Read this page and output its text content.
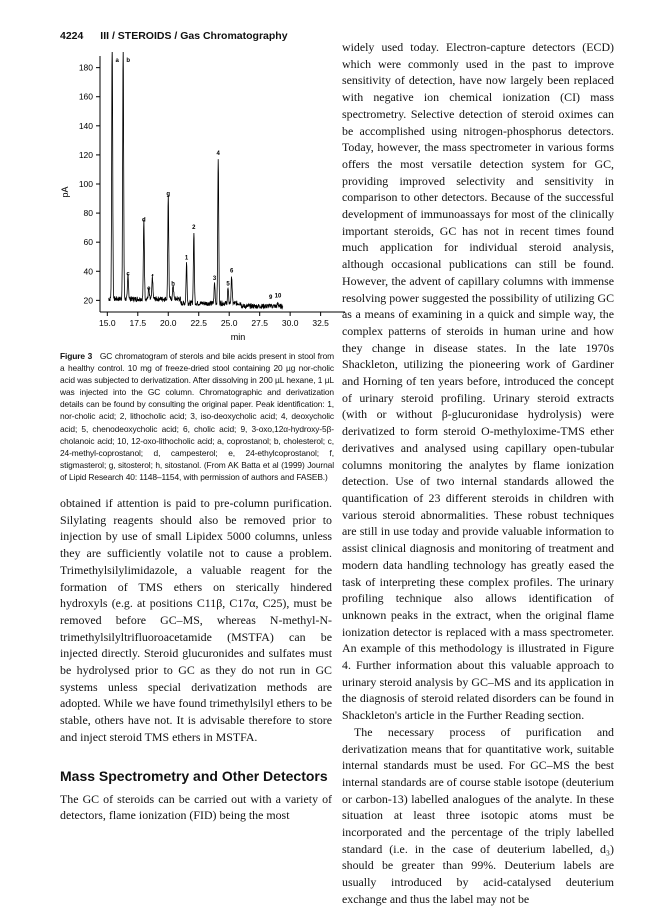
4224 III / STEROIDS / Gas Chromatography
20
40
60
80
100
120
140
160
180
15.0 17.5 20.0 22.5 25.0 27.5 30.0 32.5
a b
c
d
e
f
g
h
1
2
3
4
5
6
9 10
min
pA
Figure 3 GC chromatogram of sterols and bile acids present in stool from a healthy control. 10 mg of freeze-dried stool containing 20 µg nor-cholic acid was subjected to derivatization. After dissolving in 200 µL hexane, 1 µL was injected into the GC column. Chromatographic and derivatization details can be found by consulting the original paper. Peak identification: 1, nor-cholic acid; 2, lithocholic acid; 3, iso-deoxycholic acid; 4, deoxycholic acid; 5, chenodeoxycholic acid; 6, cholic acid; 9, 3-oxo,12α-hydroxy-5β-cholanoic acid; 10, 12-oxo-lithocholic acid; a, coprostanol; b, cholesterol; c, 24-methyl-coprostanol; d, campesterol; e, 24-ethylcoprostanol; f, stigmasterol; g, sitosterol; h, sitostanol. (From AK Batta et al (1999) Journal of Lipid Research 40: 1148–1154, with permission of authors and FASEB.)

obtained if attention is paid to pre-column purification. Silylating reagents should also be removed prior to injection by use of small Lipidex 5000 columns, unless they are sufficiently volatile not to cause a problem. Trimethylsilylimidazole, a valuable reagent for the formation of TMS ethers on sterically hindered hydroxyls (e.g. at positions C11β, C17α, C25), must be removed before GC–MS, whereas N-methyl-N-trimethylsilyltrifluoroacetamide (MSTFA) can be injected directly. Steroid glucuronides and sulfates must be hydrolysed prior to GC as they do not run in GC systems unless special derivatization methods are adopted. While we have found trimethylsilyl ethers to be stable, others have not. It is advisable therefore to store and inject steroid TMS ethers in MSTFA.

Mass Spectrometry and Other Detectors

The GC of steroids can be carried out with a variety of detectors, flame ionization (FID) being the most

widely used today. Electron-capture detectors (ECD) which were commonly used in the past to improve sensitivity of detection, have now largely been replaced with negative ion chemical ionization (CI) mass spectrometry. Selective detection of steroid oximes can be accomplished using nitrogen-phosphorus detectors. Today, however, the mass spectrometer in various forms offers the most versatile detection system for GC, providing improved selectivity and sensitivity in comparison to other detectors. Because of the successful development of immunoassays for most of the clinically important steroids, GC has not in recent times found much application for individual steroid analysis, although occasional publications can still be found. However, the advent of capillary columns with immense resolving power suggested the possibility of utilizing GC as a means of examining in a quick and simple way, the complex patterns of steroids in human urine and how they change in disease states. In the late 1970s Shackleton, utilizing the pioneering work of Gardiner and Horning of ten years before, introduced the concept of urinary steroid profiling. Urinary steroid extracts (with or without β-glucuronidase hydrolysis) were derivatized to form steroid O-methyloxime-TMS ether derivatives and analysed using capillary open-tubular columns monitoring the analytes by flame ionization detection. Use of two internal standards allowed the quantification of 23 different steroids in children with various steroid abnormalities. These robust techniques are still in use today and provide valuable information to assist clinical diagnosis and monitoring of treatment and modern data handling technology has greatly eased the task of interpreting these complex profiles. The urinary profiling technique also allows identification of unknown peaks in the extract, when the original flame ionization detector is replaced with a mass spectrometer. An example of this methodology is illustrated in Figure 4. Further information about this valuable approach to urinary steroid analysis by GC–MS and its application in the diagnosis of steroid related disorders can be found in Shackleton's article in the Further Reading section.

The necessary process of purification and derivatization means that for quantitative work, suitable internal standards must be used. For GC–MS the best internal standards are of course stable isotope (deuterium or carbon-13) labelled analogues of the analyte. In these situation at least three isotopic atoms must be incorporated and the percentage of the triply labelled standard (i.e. in the case of deuterium labelled, d₃) should be greater than 99%. Deuterium labels are usually introduced by acid-catalysed deuterium exchange and thus the label may not be
